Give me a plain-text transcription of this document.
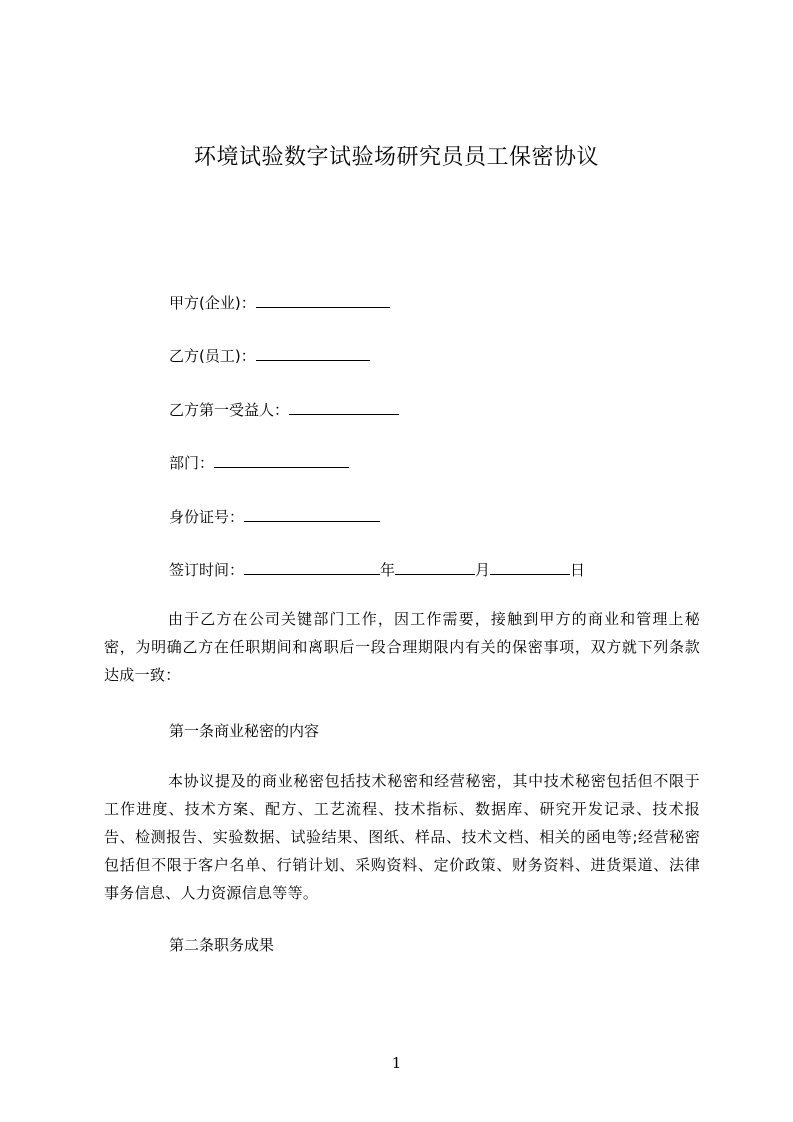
环境试验数字试验场研究员员工保密协议
甲方(企业)：
乙方(员工)：
乙方第一受益人：
部门：
身份证号：
签订时间：	年	月	日
由于乙方在公司关键部门工作，因工作需要，接触到甲方的商业和管理上秘密，为明确乙方在任职期间和离职后一段合理期限内有关的保密事项，双方就下列条款达成一致：
第一条商业秘密的内容
本协议提及的商业秘密包括技术秘密和经营秘密，其中技术秘密包括但不限于工作进度、技术方案、配方、工艺流程、技术指标、数据库、研究开发记录、技术报告、检测报告、实验数据、试验结果、图纸、样品、技术文档、相关的函电等;经营秘密包括但不限于客户名单、行销计划、采购资料、定价政策、财务资料、进货渠道、法律事务信息、人力资源信息等等。
第二条职务成果
1
